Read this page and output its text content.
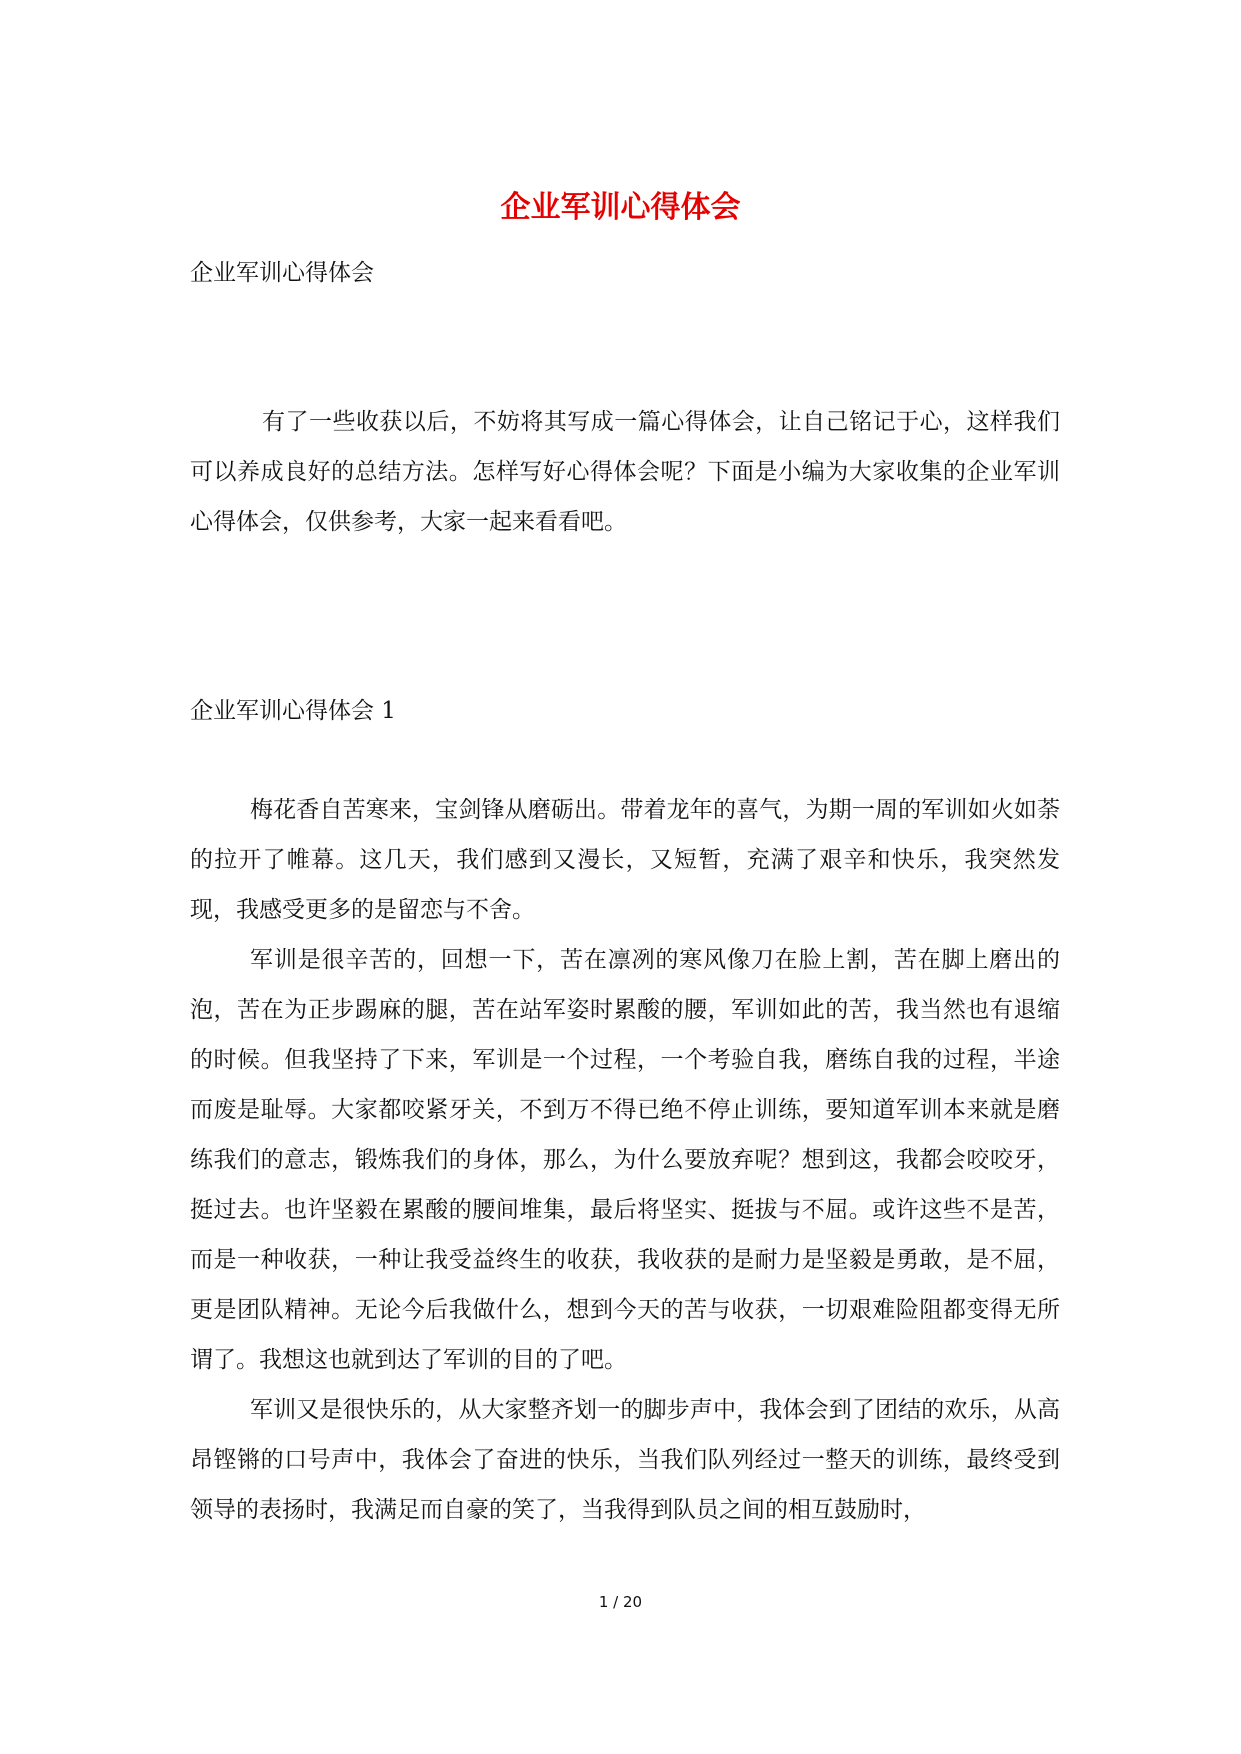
企业军训心得体会

企业军训心得体会

有了一些收获以后，不妨将其写成一篇心得体会，让自己铭记于心，这样我们可以养成良好的总结方法。怎样写好心得体会呢？下面是小编为大家收集的企业军训心得体会，仅供参考，大家一起来看看吧。

企业军训心得体会 1

梅花香自苦寒来，宝剑锋从磨砺出。带着龙年的喜气，为期一周的军训如火如荼的拉开了帷幕。这几天，我们感到又漫长，又短暂，充满了艰辛和快乐，我突然发现，我感受更多的是留恋与不舍。

军训是很辛苦的，回想一下，苦在凛冽的寒风像刀在脸上割，苦在脚上磨出的泡，苦在为正步踢麻的腿，苦在站军姿时累酸的腰，军训如此的苦，我当然也有退缩的时候。但我坚持了下来，军训是一个过程，一个考验自我，磨练自我的过程，半途而废是耻辱。大家都咬紧牙关，不到万不得已绝不停止训练，要知道军训本来就是磨练我们的意志，锻炼我们的身体，那么，为什么要放弃呢？想到这，我都会咬咬牙，挺过去。也许坚毅在累酸的腰间堆集，最后将坚实、挺拔与不屈。或许这些不是苦，而是一种收获，一种让我受益终生的收获，我收获的是耐力是坚毅是勇敢，是不屈，更是团队精神。无论今后我做什么，想到今天的苦与收获，一切艰难险阻都变得无所谓了。我想这也就到达了军训的目的了吧。

军训又是很快乐的，从大家整齐划一的脚步声中，我体会到了团结的欢乐，从高昂铿锵的口号声中，我体会了奋进的快乐，当我们队列经过一整天的训练，最终受到领导的表扬时，我满足而自豪的笑了，当我得到队员之间的相互鼓励时，

1 / 20
